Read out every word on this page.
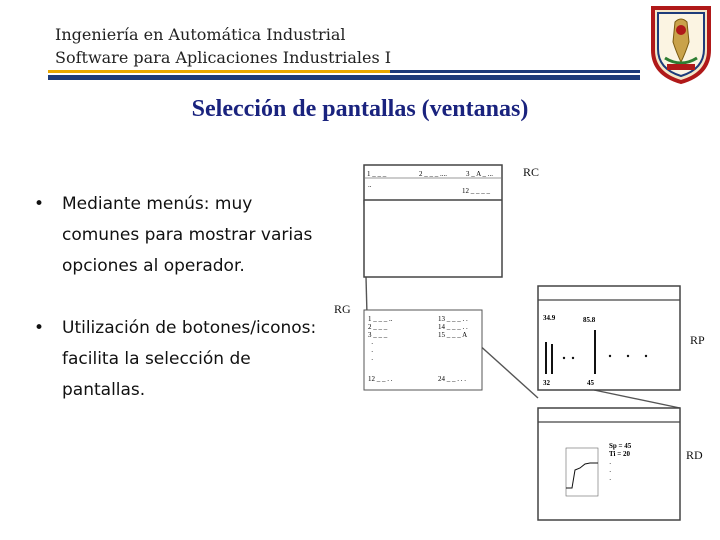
Ingeniería en Automática Industrial
Software para Aplicaciones Industriales I
Selección de pantallas (ventanas)
• Mediante menús: muy comunes para mostrar varias opciones al operador.
• Utilización de botones/iconos: facilita la selección de pantallas.
1 _ _ _	2 _ _ _ ....	3 _ A _ ...
..
12 _ _ _ _
1 _ _ _ ..
2 _ _ _
3 _ _ _
·
·
·
12 _ _ . .
13 _ _ _ . .
14 _ _ _ . .
15 _ _ _ A
24 _ _ . . .
34.9	85.8
32	45
Sp = 45
Ti = 20
·
·
·
RC
RG
RP
RD
